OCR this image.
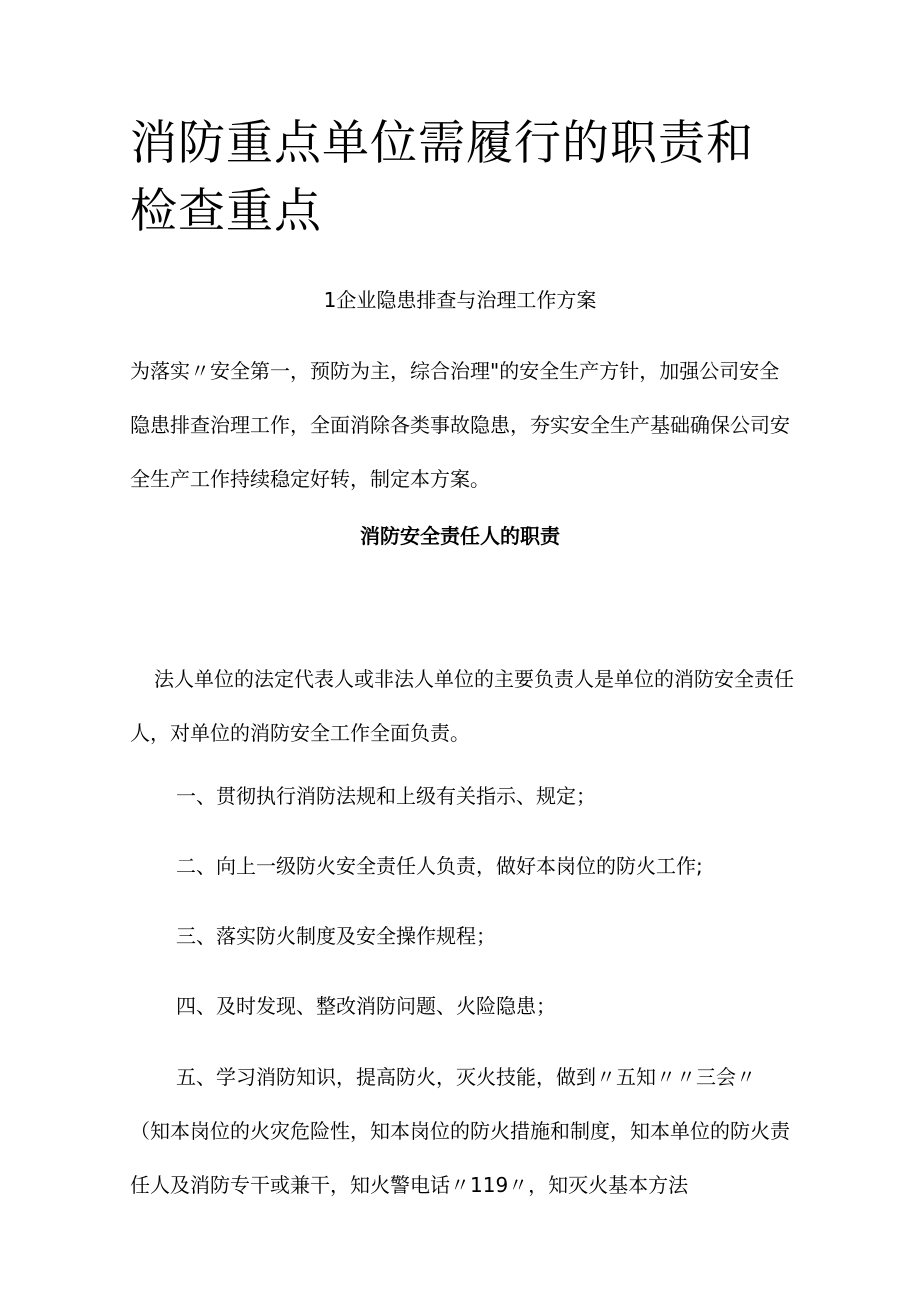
消防重点单位需履行的职责和检查重点
1企业隐患排查与治理工作方案

为落实〃安全第一，预防为主，综合治理"的安全生产方针，加强公司安全隐患排查治理工作，全面消除各类事故隐患，夯实安全生产基础确保公司安全生产工作持续稳定好转，制定本方案。

消防安全责任人的职责

法人单位的法定代表人或非法人单位的主要负责人是单位的消防安全责任人，对单位的消防安全工作全面负责。

一、贯彻执行消防法规和上级有关指示、规定；
二、向上一级防火安全责任人负责，做好本岗位的防火工作;
三、落实防火制度及安全操作规程；
四、及时发现、整改消防问题、火险隐患；

五、学习消防知识，提高防火，灭火技能，做到〃五知〃〃三会〃（知本岗位的火灾危险性，知本岗位的防火措施和制度，知本单位的防火责任人及消防专干或兼干，知火警电话〃119〃，知灭火基本方法
